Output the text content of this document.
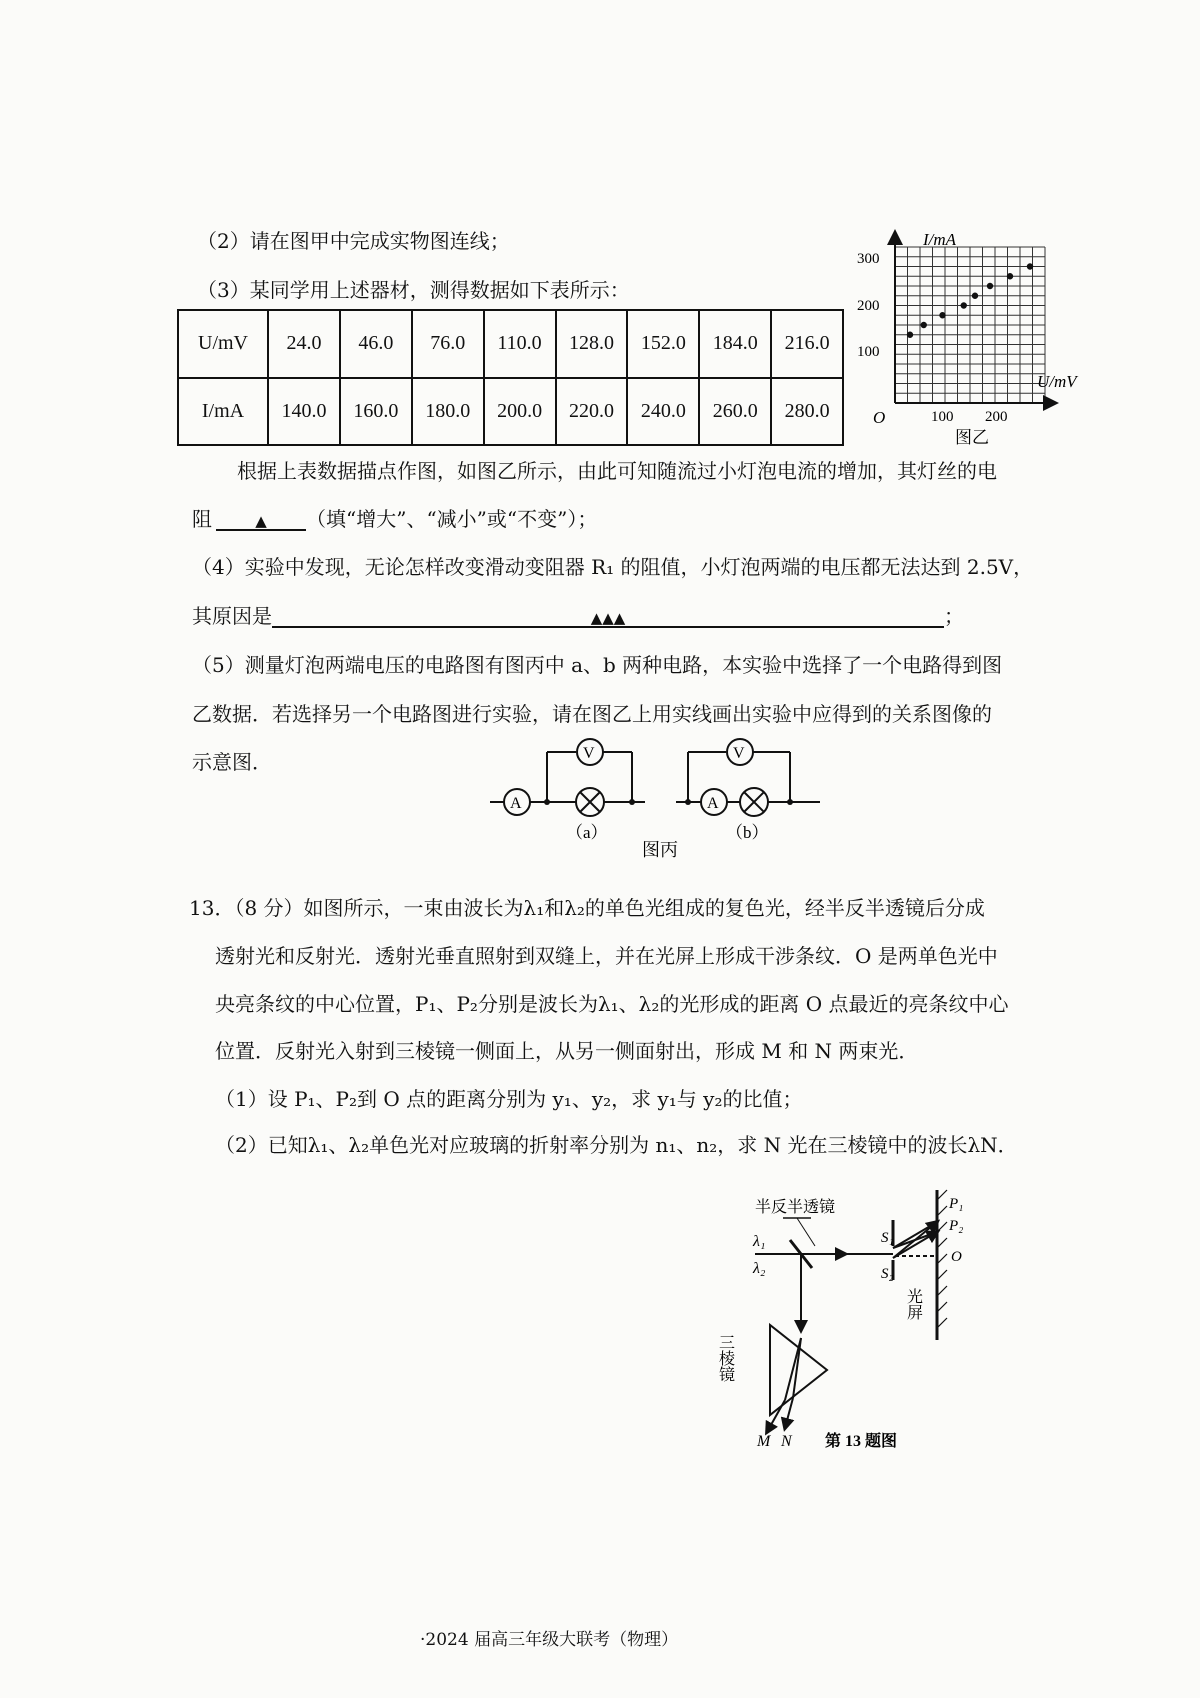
（2）请在图甲中完成实物图连线；
（3）某同学用上述器材，测得数据如下表所示：
U/mV	24.0	46.0	76.0	110.0	128.0	152.0	184.0	216.0
I/mA	140.0	160.0	180.0	200.0	220.0	240.0	260.0	280.0
根据上表数据描点作图，如图乙所示，由此可知随流过小灯泡电流的增加，其灯丝的电
阻	▲ （填“增大”、“减小”或“不变”）；
（4）实验中发现，无论怎样改变滑动变阻器 R₁ 的阻值，小灯泡两端的电压都无法达到 2.5V，
其原因是	▲▲▲	；
（5）测量灯泡两端电压的电路图有图丙中 a、b 两种电路，本实验中选择了一个电路得到图
乙数据．若选择另一个电路图进行实验，请在图乙上用实线画出实验中应得到的关系图像的
示意图．
I/mA
U/mV
O
300
200
100
100 200
图乙
A
V
A
V
（a）	（b）
图丙
13．（8 分）如图所示，一束由波长为λ₁和λ₂的单色光组成的复色光，经半反半透镜后分成
透射光和反射光．透射光垂直照射到双缝上，并在光屏上形成干涉条纹．O 是两单色光中
央亮条纹的中心位置，P₁、P₂分别是波长为λ₁、λ₂的光形成的距离 O 点最近的亮条纹中心
位置．反射光入射到三棱镜一侧面上，从另一侧面射出，形成 M 和 N 两束光．
（1）设 P₁、P₂到 O 点的距离分别为 y₁、y₂，求 y₁与 y₂的比值；
（2）已知λ₁、λ₂单色光对应玻璃的折射率分别为 n₁、n₂，求 N 光在三棱镜中的波长λN．
半反半透镜
λ₁
λ₂
S₁
S₂
P₁
P₂
O
光屏
三棱镜
M N 第 13 题图
·2024 届高三年级大联考（物理）
